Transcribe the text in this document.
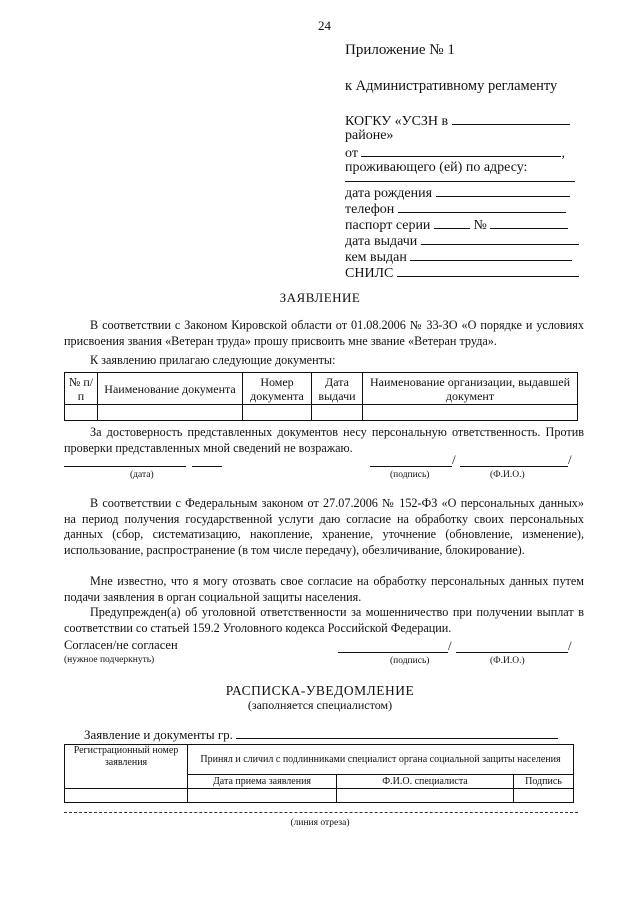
24
Приложение № 1
к Административному регламенту
КОГКУ «УСЗН в
районе»
от	,
проживающего (ей) по адресу:
дата рождения
телефон
паспорт серии	№
дата выдачи
кем выдан
СНИЛС
ЗАЯВЛЕНИЕ
В соответствии с Законом Кировской области от 01.08.2006 № 33-ЗО «О порядке и условиях присвоения звания «Ветеран труда» прошу присвоить мне звание «Ветеран труда».
К заявлению прилагаю следующие документы:
№ п/п	Наименование документа	Номер документа	Дата выдачи	Наименование организации, выдавшей документ

За достоверность представленных документов несу персональную ответственность. Против проверки представленных мной сведений не возражаю.
/	/
(дата)	(подпись)	(Ф.И.О.)
В соответствии с Федеральным законом от 27.07.2006 № 152-ФЗ «О персональных данных» на период получения государственной услуги даю согласие на обработку своих персональных данных (сбор, систематизацию, накопление, хранение, уточнение (обновление, изменение), использование, распространение (в том числе передачу), обезличивание, блокирование).
Мне известно, что я могу отозвать свое согласие на обработку персональных данных путем подачи заявления в орган социальной защиты населения.
Предупрежден(а) об уголовной ответственности за мошенничество при получении выплат в соответствии со статьей 159.2 Уголовного кодекса Российской Федерации.
Согласен/не согласен
(нужное подчеркнуть)
/	/
(подпись)	(Ф.И.О.)
РАСПИСКА-УВЕДОМЛЕНИЕ
(заполняется специалистом)
Заявление и документы гр.
Регистрационный номер заявления	Принял и сличил с подлинниками специалист органа социальной защиты населения		
	Дата приема заявления	Ф.И.О. специалиста	Подпись

(линия отреза)
